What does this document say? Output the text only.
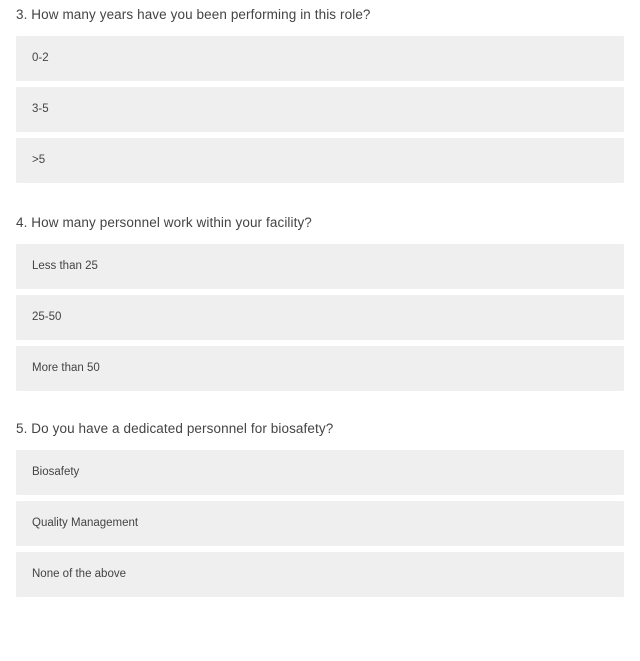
3. How many years have you been performing in this role?
0-2
3-5
>5
4. How many personnel work within your facility?
Less than 25
25-50
More than 50
5. Do you have a dedicated personnel for biosafety?
Biosafety
Quality Management
None of the above
